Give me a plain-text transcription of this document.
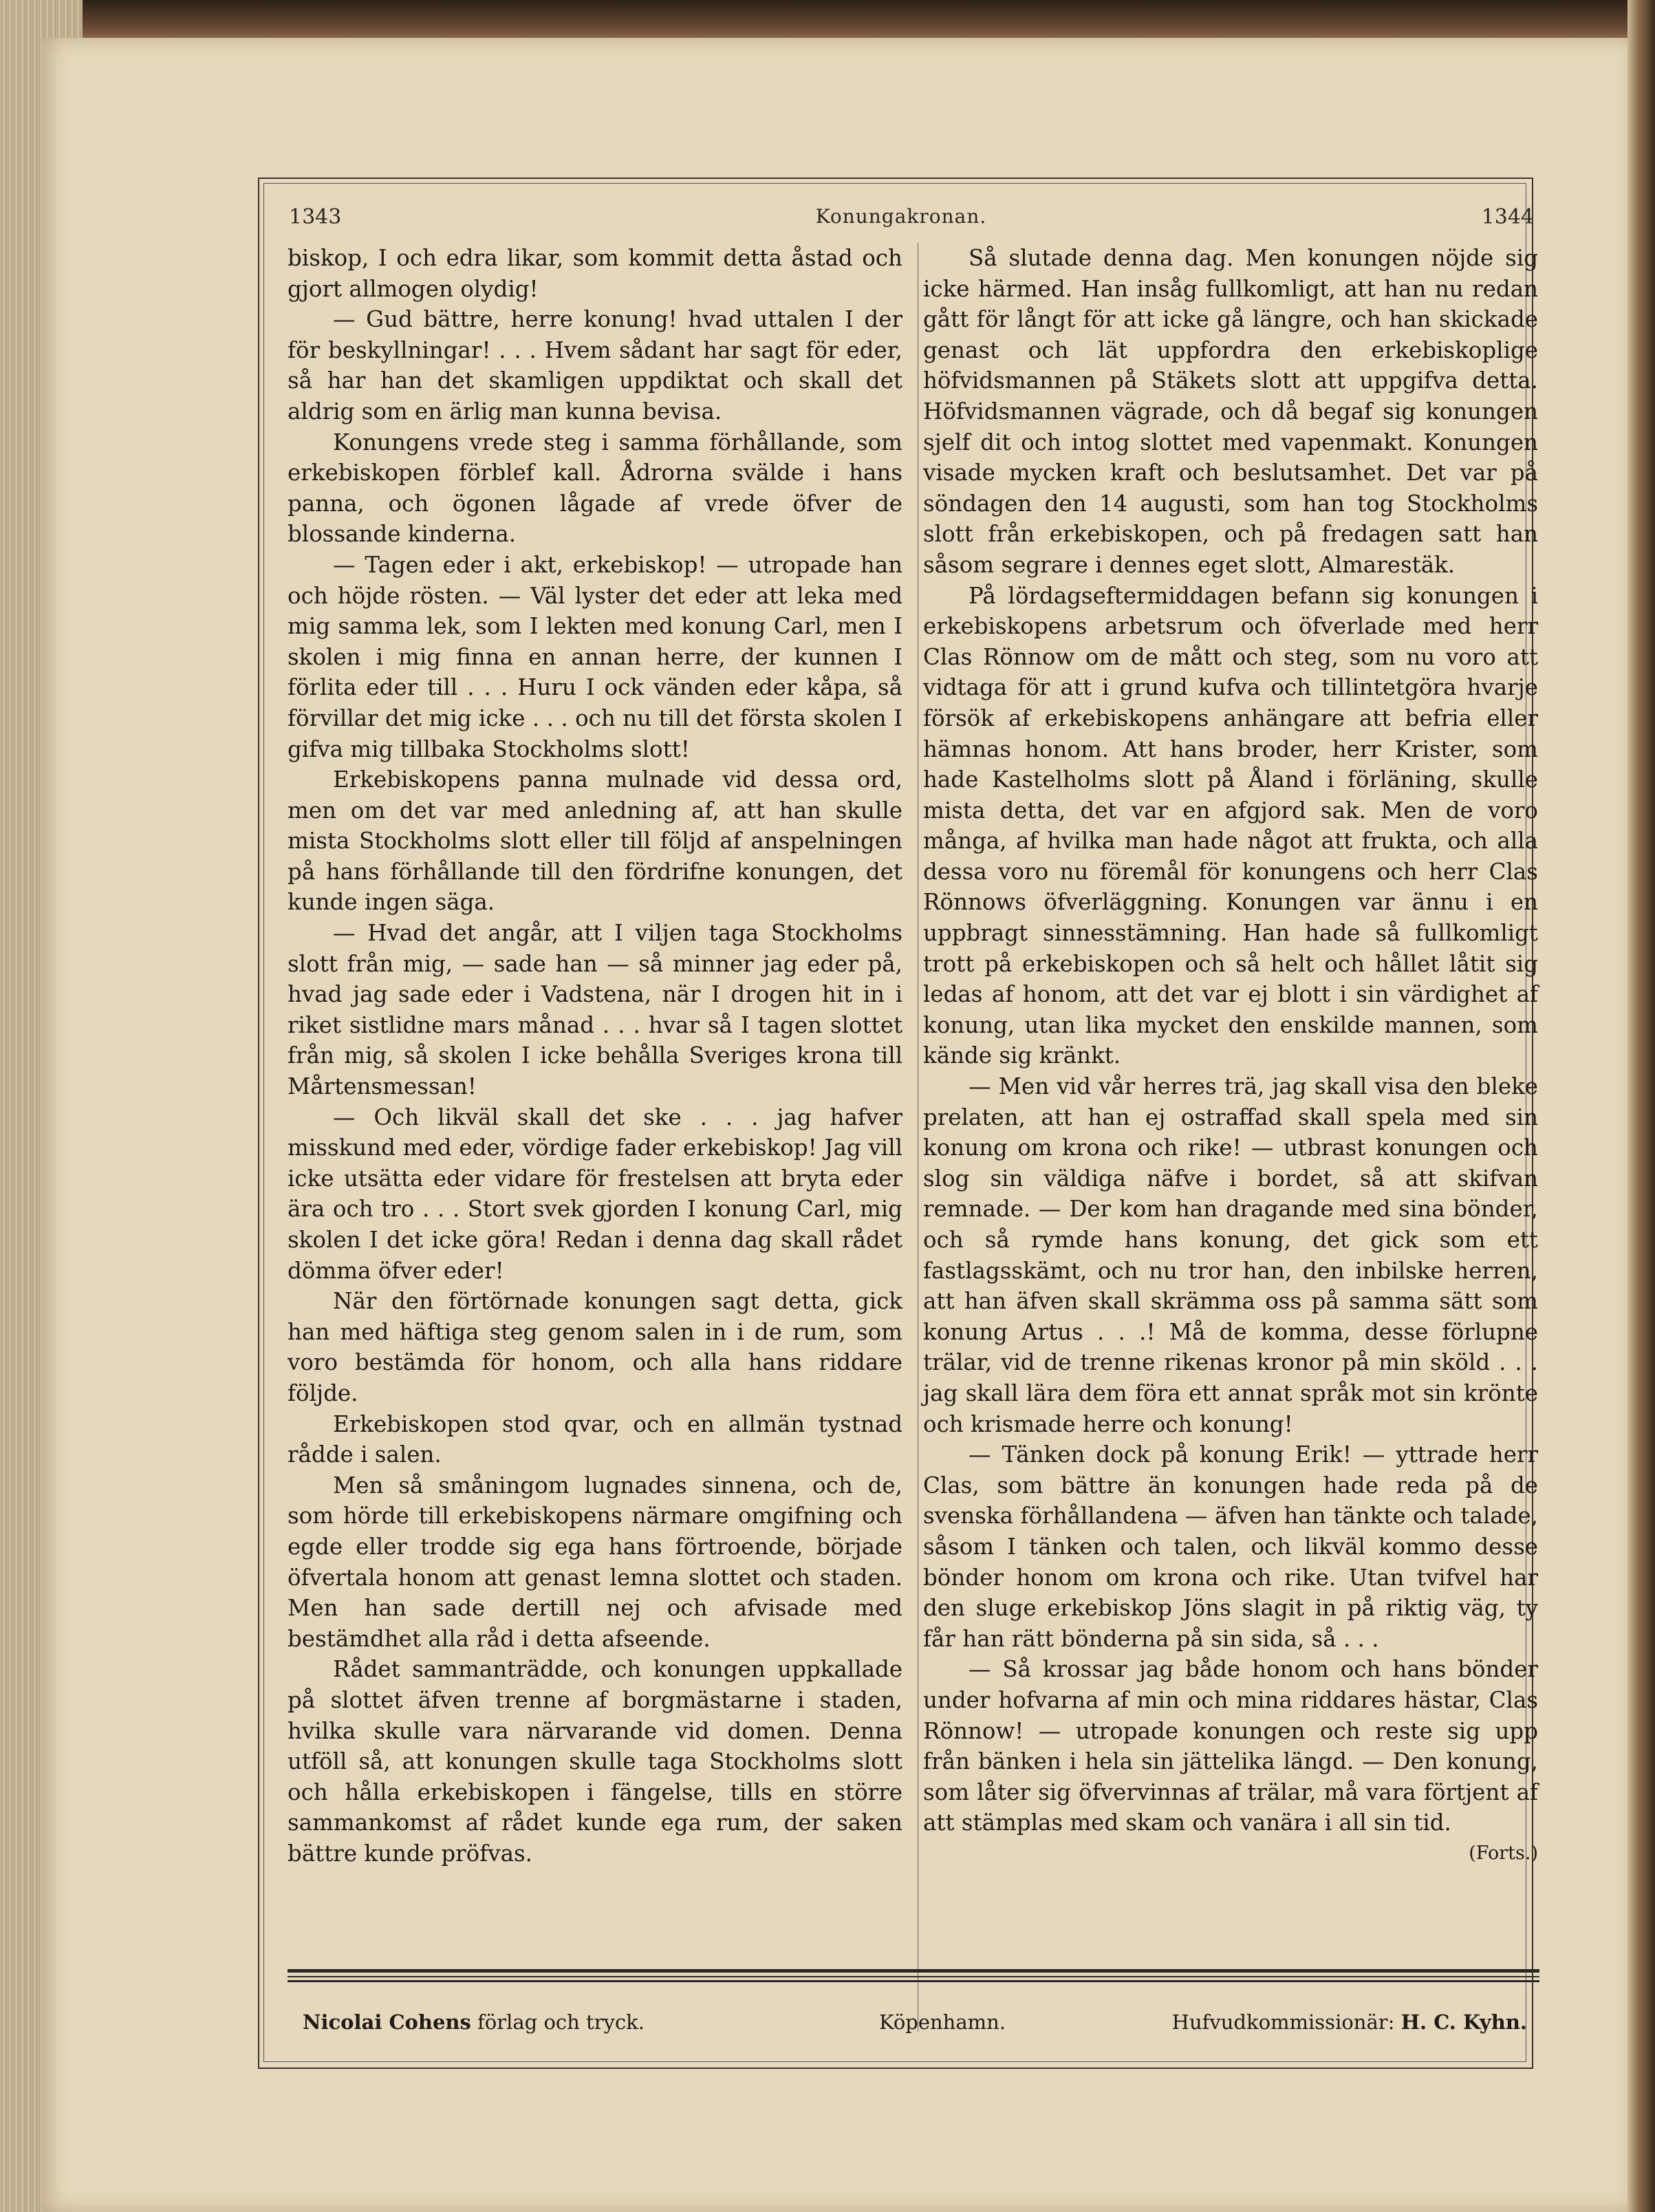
1343	Konungakronan.	1344

biskop, I och edra likar, som kommit detta åstad och gjort allmogen olydig!

— Gud bättre, herre konung! hvad uttalen I der för beskyllningar! . . . Hvem sådant har sagt för eder, så har han det skamligen uppdiktat och skall det aldrig som en ärlig man kunna bevisa.

Konungens vrede steg i samma förhållande, som erkebiskopen förblef kall. Ådrorna svälde i hans panna, och ögonen lågade af vrede öfver de blossande kinderna.

— Tagen eder i akt, erkebiskop! — utropade han och höjde rösten. — Väl lyster det eder att leka med mig samma lek, som I lekten med konung Carl, men I skolen i mig finna en annan herre, der kunnen I förlita eder till . . . Huru I ock vänden eder kåpa, så förvillar det mig icke . . . och nu till det första skolen I gifva mig tillbaka Stockholms slott!

Erkebiskopens panna mulnade vid dessa ord, men om det var med anledning af, att han skulle mista Stockholms slott eller till följd af anspelningen på hans förhållande till den fördrifne konungen, det kunde ingen säga.

— Hvad det angår, att I viljen taga Stockholms slott från mig, — sade han — så minner jag eder på, hvad jag sade eder i Vadstena, när I drogen hit in i riket sistlidne mars månad . . . hvar så I tagen slottet från mig, så skolen I icke behålla Sveriges krona till Mårtensmessan!

— Och likväl skall det ske . . . jag hafver misskund med eder, vördige fader erkebiskop! Jag vill icke utsätta eder vidare för frestelsen att bryta eder ära och tro . . . Stort svek gjorden I konung Carl, mig skolen I det icke göra! Redan i denna dag skall rådet dömma öfver eder!

När den förtörnade konungen sagt detta, gick han med häftiga steg genom salen in i de rum, som voro bestämda för honom, och alla hans riddare följde.

Erkebiskopen stod qvar, och en allmän tystnad rådde i salen.

Men så småningom lugnades sinnena, och de, som hörde till erkebiskopens närmare omgifning och egde eller trodde sig ega hans förtroende, började öfvertala honom att genast lemna slottet och staden. Men han sade dertill nej och afvisade med bestämdhet alla råd i detta afseende.

Rådet sammanträdde, och konungen uppkallade på slottet äfven trenne af borgmästarne i staden, hvilka skulle vara närvarande vid domen. Denna utföll så, att konungen skulle taga Stockholms slott och hålla erkebiskopen i fängelse, tills en större sammankomst af rådet kunde ega rum, der saken bättre kunde pröfvas.

Så slutade denna dag. Men konungen nöjde sig icke härmed. Han insåg fullkomligt, att han nu redan gått för långt för att icke gå längre, och han skickade genast och lät uppfordra den erkebiskoplige höfvidsmannen på Stäkets slott att uppgifva detta. Höfvidsmannen vägrade, och då begaf sig konungen sjelf dit och intog slottet med vapenmakt. Konungen visade mycken kraft och beslutsamhet. Det var på söndagen den 14 augusti, som han tog Stockholms slott från erkebiskopen, och på fredagen satt han såsom segrare i dennes eget slott, Almarestäk.

På lördagseftermiddagen befann sig konungen i erkebiskopens arbetsrum och öfverlade med herr Clas Rönnow om de mått och steg, som nu voro att vidtaga för att i grund kufva och tillintetgöra hvarje försök af erkebiskopens anhängare att befria eller hämnas honom. Att hans broder, herr Krister, som hade Kastelholms slott på Åland i förläning, skulle mista detta, det var en afgjord sak. Men de voro många, af hvilka man hade något att frukta, och alla dessa voro nu föremål för konungens och herr Clas Rönnows öfverläggning. Konungen var ännu i en uppbragt sinnesstämning. Han hade så fullkomligt trott på erkebiskopen och så helt och hållet låtit sig ledas af honom, att det var ej blott i sin värdighet af konung, utan lika mycket den enskilde mannen, som kände sig kränkt.

— Men vid vår herres trä, jag skall visa den bleke prelaten, att han ej ostraffad skall spela med sin konung om krona och rike! — utbrast konungen och slog sin väldiga näfve i bordet, så att skifvan remnade. — Der kom han dragande med sina bönder, och så rymde hans konung, det gick som ett fastlagsskämt, och nu tror han, den inbilske herren, att han äfven skall skrämma oss på samma sätt som konung Artus . . .! Må de komma, desse förlupne trälar, vid de trenne rikenas kronor på min sköld . . . jag skall lära dem föra ett annat språk mot sin krönte och krismade herre och konung!

— Tänken dock på konung Erik! — yttrade herr Clas, som bättre än konungen hade reda på de svenska förhållandena — äfven han tänkte och talade, såsom I tänken och talen, och likväl kommo desse bönder honom om krona och rike. Utan tvifvel har den sluge erkebiskop Jöns slagit in på riktig väg, ty får han rätt bönderna på sin sida, så . . .

— Så krossar jag både honom och hans bönder under hofvarna af min och mina riddares hästar, Clas Rönnow! — utropade konungen och reste sig upp från bänken i hela sin jättelika längd. — Den konung, som låter sig öfvervinnas af trälar, må vara förtjent af att stämplas med skam och vanära i all sin tid.

(Forts.)

Nicolai Cohens förlag och tryck.	Köpenhamn.	Hufvudkommissionär: H. C. Kyhn.
